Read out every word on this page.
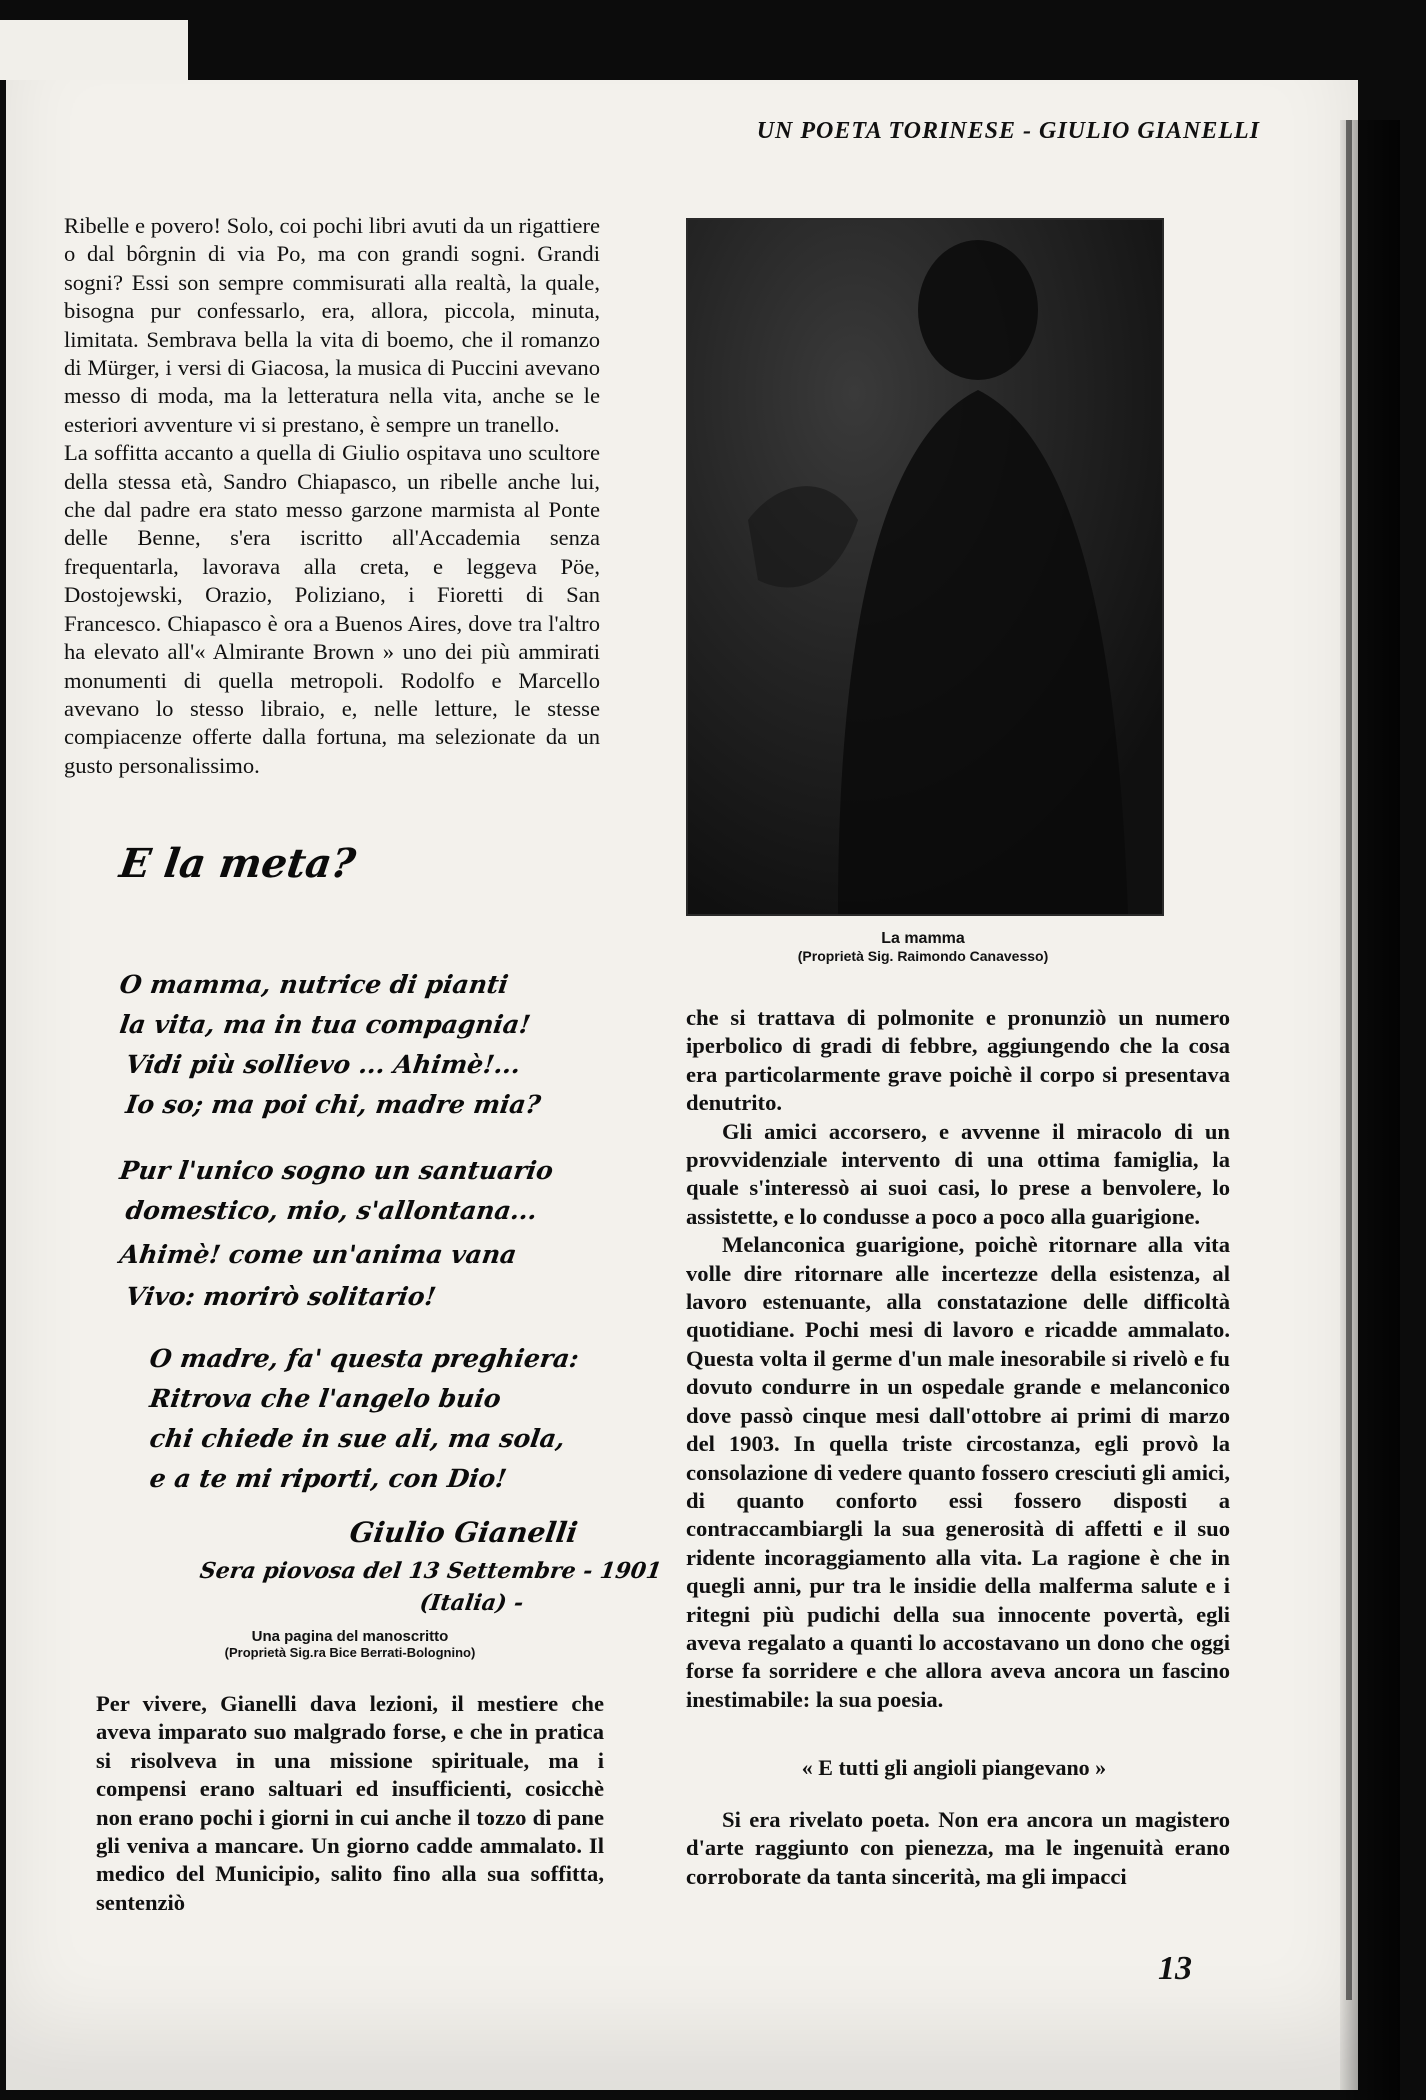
UN POETA TORINESE - GIULIO GIANELLI

Ribelle e povero! Solo, coi pochi libri avuti da un rigattiere o dal bôrgnin di via Po, ma con grandi sogni. Grandi sogni? Essi son sempre commisurati alla realtà, la quale, bisogna pur confessarlo, era, allora, piccola, minuta, limitata. Sembrava bella la vita di boemo, che il romanzo di Mürger, i versi di Giacosa, la musica di Puccini avevano messo di moda, ma la letteratura nella vita, anche se le esteriori avventure vi si prestano, è sempre un tranello.

La soffitta accanto a quella di Giulio ospitava uno scultore della stessa età, Sandro Chiapasco, un ribelle anche lui, che dal padre era stato messo garzone marmista al Ponte delle Benne, s'era iscritto all'Accademia senza frequentarla, lavorava alla creta, e leggeva Pöe, Dostojewski, Orazio, Poliziano, i Fioretti di San Francesco. Chiapasco è ora a Buenos Aires, dove tra l'altro ha elevato all'« Almirante Brown » uno dei più ammirati monumenti di quella metropoli. Rodolfo e Marcello avevano lo stesso libraio, e, nelle letture, le stesse compiacenze offerte dalla fortuna, ma selezionate da un gusto personalissimo.

La mamma
(Proprietà Sig. Raimondo Canavesso)
E la meta?
O mamma, nutrice di pianti
la vita, ma in tua compagnia!
Vidi più sollievo ... Ahimè!...
Io so; ma poi chi, madre mia?
Pur l'unico sogno un santuario
domestico, mio, s'allontana...
Ahimè! come un'anima vana
Vivo: morirò solitario!
O madre, fa' questa preghiera:
Ritrova che l'angelo buio
chi chiede in sue ali, ma sola,
e a te mi riporti, con Dio!
Giulio Gianelli
Sera piovosa del 13 Settembre - 1901
(Italia) -
Una pagina del manoscritto
(Proprietà Sig.ra Bice Berrati-Bolognino)

Per vivere, Gianelli dava lezioni, il mestiere che aveva imparato suo malgrado forse, e che in pratica si risolveva in una missione spirituale, ma i compensi erano saltuari ed insufficienti, cosicchè non erano pochi i giorni in cui anche il tozzo di pane gli veniva a mancare. Un giorno cadde ammalato. Il medico del Municipio, salito fino alla sua soffitta, sentenziò

che si trattava di polmonite e pronunziò un numero iperbolico di gradi di febbre, aggiungendo che la cosa era particolarmente grave poichè il corpo si presentava denutrito.

Gli amici accorsero, e avvenne il miracolo di un provvidenziale intervento di una ottima famiglia, la quale s'interessò ai suoi casi, lo prese a benvolere, lo assistette, e lo condusse a poco a poco alla guarigione.

Melanconica guarigione, poichè ritornare alla vita volle dire ritornare alle incertezze della esistenza, al lavoro estenuante, alla constatazione delle difficoltà quotidiane. Pochi mesi di lavoro e ricadde ammalato. Questa volta il germe d'un male inesorabile si rivelò e fu dovuto condurre in un ospedale grande e melanconico dove passò cinque mesi dall'ottobre ai primi di marzo del 1903. In quella triste circostanza, egli provò la consolazione di vedere quanto fossero cresciuti gli amici, di quanto conforto essi fossero disposti a contraccambiargli la sua generosità di affetti e il suo ridente incoraggiamento alla vita. La ragione è che in quegli anni, pur tra le insidie della malferma salute e i ritegni più pudichi della sua innocente povertà, egli aveva regalato a quanti lo accostavano un dono che oggi forse fa sorridere e che allora aveva ancora un fascino inestimabile: la sua poesia.

« E tutti gli angioli piangevano »

Si era rivelato poeta. Non era ancora un magistero d'arte raggiunto con pienezza, ma le ingenuità erano corroborate da tanta sincerità, ma gli impacci

13
